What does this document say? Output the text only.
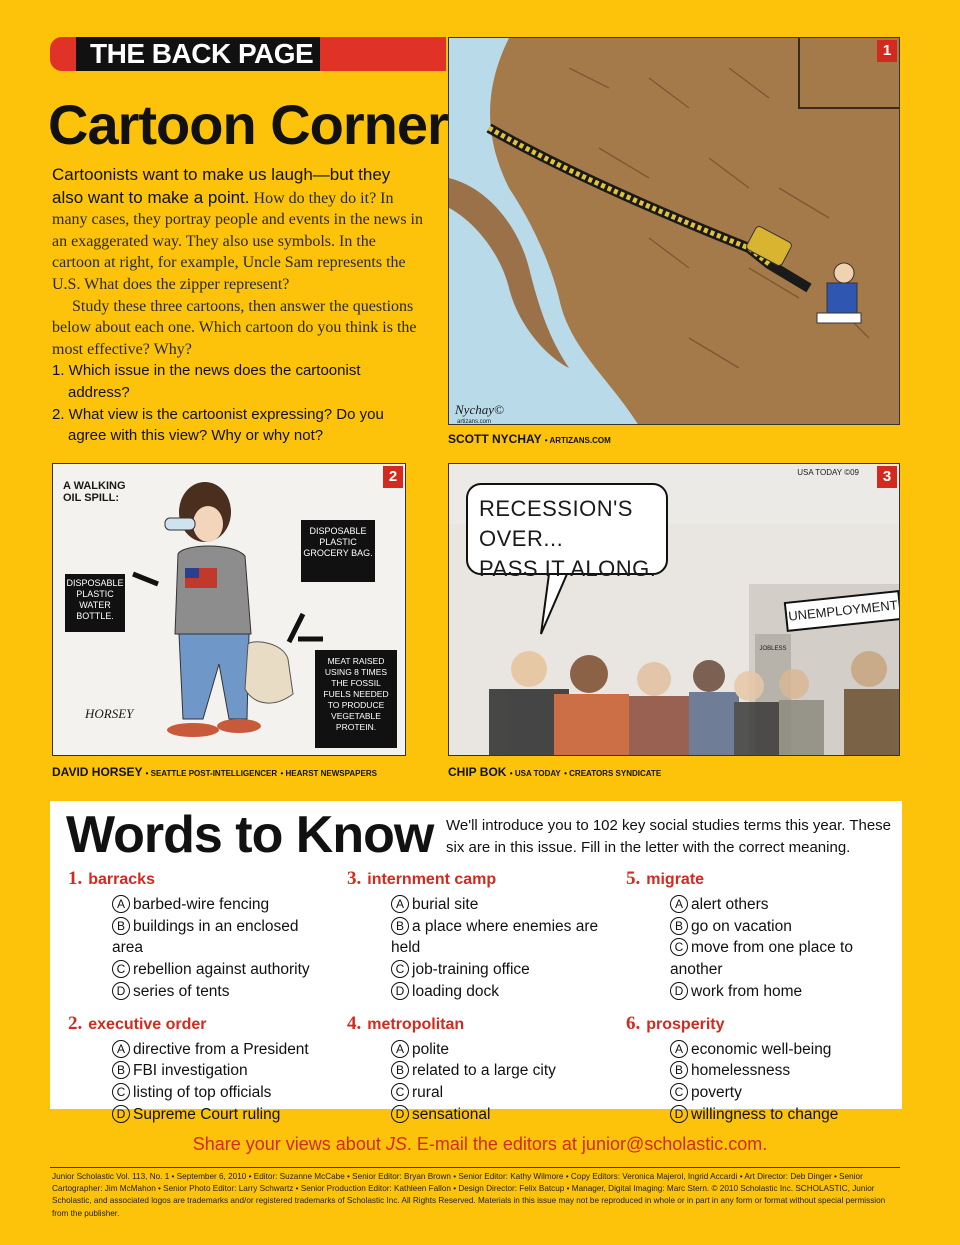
THE BACK PAGE
Cartoon Corner

Cartoonists want to make us laugh—but they also want to make a point. How do they do it? In many cases, they portray people and events in the news in an exaggerated way. They also use symbols. In the cartoon at right, for example, Uncle Sam represents the U.S. What does the zipper represent?

Study these three cartoons, then answer the questions below about each one. Which cartoon do you think is the most effective? Why?

1. Which issue in the news does the cartoonist address?
2. What view is the cartoonist expressing? Do you agree with this view? Why or why not?
Nychay©
artizans.com
1
SCOTT NYCHAY • ARTIZANS.COM
A WALKING OIL SPILL:
DISPOSABLE PLASTIC WATER BOTTLE.
DISPOSABLE PLASTIC GROCERY BAG.
MEAT RAISED USING 8 TIMES THE FOSSIL FUELS NEEDED TO PRODUCE VEGETABLE PROTEIN.
HORSEY
2
DAVID HORSEY • SEATTLE POST-INTELLIGENCER • HEARST NEWSPAPERS
RECESSION'S OVER...
PASS IT ALONG.
UNEMPLOYMENT
JOBLESS
USA TODAY ©09	3
CHIP BOK • USA TODAY • CREATORS SYNDICATE
Words to Know We'll introduce you to 102 key social studies terms this year. These six are in this issue. Fill in the letter with the correct meaning.
1. barracks
A barbed-wire fencing
B buildings in an enclosed area
C rebellion against authority
D series of tents
2. executive order
A directive from a President
B FBI investigation
C listing of top officials
D Supreme Court ruling
3. internment camp
A burial site
B a place where enemies are held
C job-training office
D loading dock
4. metropolitan
A polite
B related to a large city
C rural
D sensational
5. migrate
A alert others
B go on vacation
C move from one place to another
D work from home
6. prosperity
A economic well-being
B homelessness
C poverty
D willingness to change
Share your views about JS. E-mail the editors at junior@scholastic.com.
Junior Scholastic Vol. 113, No. 1 • September 6, 2010 • Editor: Suzanne McCabe • Senior Editor: Bryan Brown • Senior Editor: Kathy Wilmore • Copy Editors: Veronica Majerol, Ingrid Accardi • Art Director: Deb Dinger • Senior Cartographer: Jim McMahon • Senior Photo Editor: Larry Schwartz • Senior Production Editor: Kathleen Fallon • Design Director: Felix Batcup • Manager, Digital Imaging: Marc Stern. © 2010 Scholastic Inc. SCHOLASTIC, Junior Scholastic, and associated logos are trademarks and/or registered trademarks of Scholastic Inc. All Rights Reserved. Materials in this issue may not be reproduced in whole or in part in any form or format without special permission from the publisher.
